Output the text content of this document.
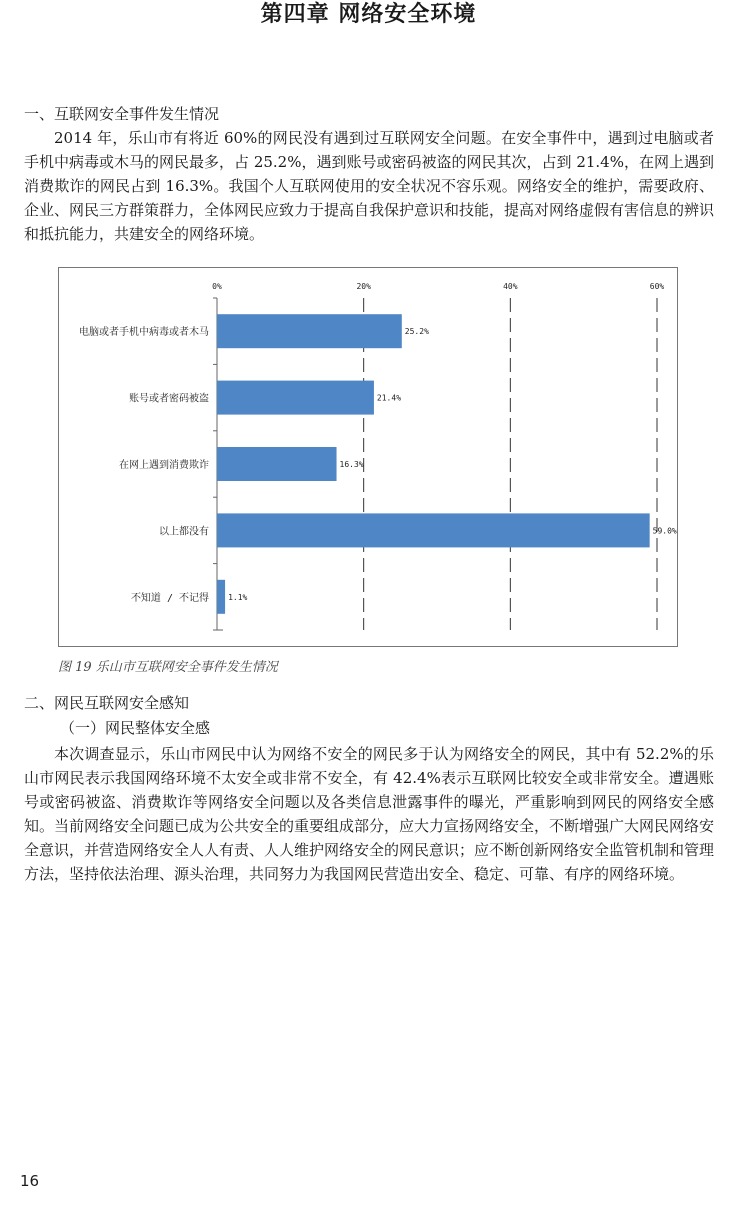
第四章 网络安全环境
一、互联网安全事件发生情况

2014 年，乐山市有将近 60%的网民没有遇到过互联网安全问题。在安全事件中，遇到过电脑或者手机中病毒或木马的网民最多，占 25.2%，遇到账号或密码被盗的网民其次，占到 21.4%，在网上遇到消费欺诈的网民占到 16.3%。我国个人互联网使用的安全状况不容乐观。网络安全的维护，需要政府、企业、网民三方群策群力，全体网民应致力于提高自我保护意识和技能，提高对网络虚假有害信息的辨识和抵抗能力，共建安全的网络环境。

0%	20%	40%	60%
电脑或者手机中病毒或者木马	25.2%
账号或者密码被盗	21.4%
在网上遇到消费欺诈	16.3%
以上都没有	59.0%
不知道 / 不记得 1.1%

图 19 乐山市互联网安全事件发生情况

二、网民互联网安全感知
（一）网民整体安全感

本次调查显示，乐山市网民中认为网络不安全的网民多于认为网络安全的网民，其中有 52.2%的乐山市网民表示我国网络环境不太安全或非常不安全，有 42.4%表示互联网比较安全或非常安全。遭遇账号或密码被盗、消费欺诈等网络安全问题以及各类信息泄露事件的曝光，严重影响到网民的网络安全感知。当前网络安全问题已成为公共安全的重要组成部分，应大力宣扬网络安全，不断增强广大网民网络安全意识，并营造网络安全人人有责、人人维护网络安全的网民意识；应不断创新网络安全监管机制和管理方法，坚持依法治理、源头治理，共同努力为我国网民营造出安全、稳定、可靠、有序的网络环境。

16
